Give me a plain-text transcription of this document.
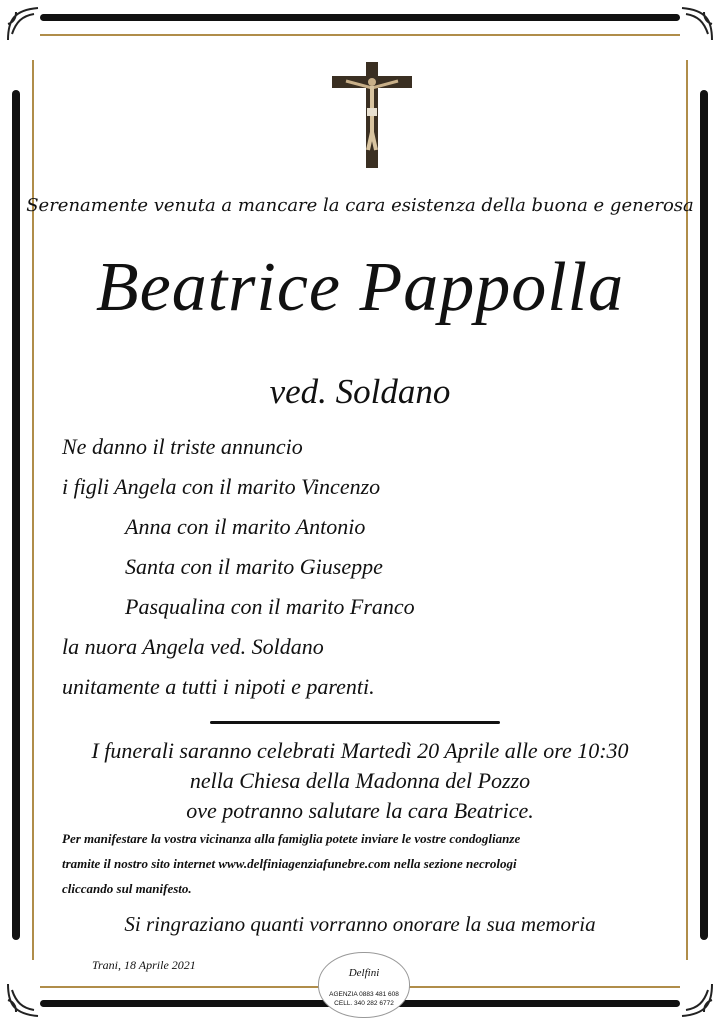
Serenamente venuta a mancare la cara esistenza della buona e generosa
Beatrice Pappolla
ved. Soldano
Ne danno il triste annuncio
i figli Angela con il marito Vincenzo
Anna con il marito Antonio
Santa con il marito Giuseppe
Pasqualina con il marito Franco
la nuora Angela ved. Soldano
unitamente a tutti i nipoti e parenti.
I funerali saranno celebrati Martedì 20 Aprile alle ore 10:30
nella Chiesa della Madonna del Pozzo
ove potranno salutare la cara Beatrice.
Per manifestare la vostra vicinanza alla famiglia potete inviare le vostre condoglianze
tramite il nostro sito internet www.delfiniagenziafunebre.com nella sezione necrologi
cliccando sul manifesto.
Si ringraziano quanti vorranno onorare la sua memoria
Trani, 18 Aprile 2021
Delfini
AGENZIA 0883 481 608
CELL. 340 282 6772
